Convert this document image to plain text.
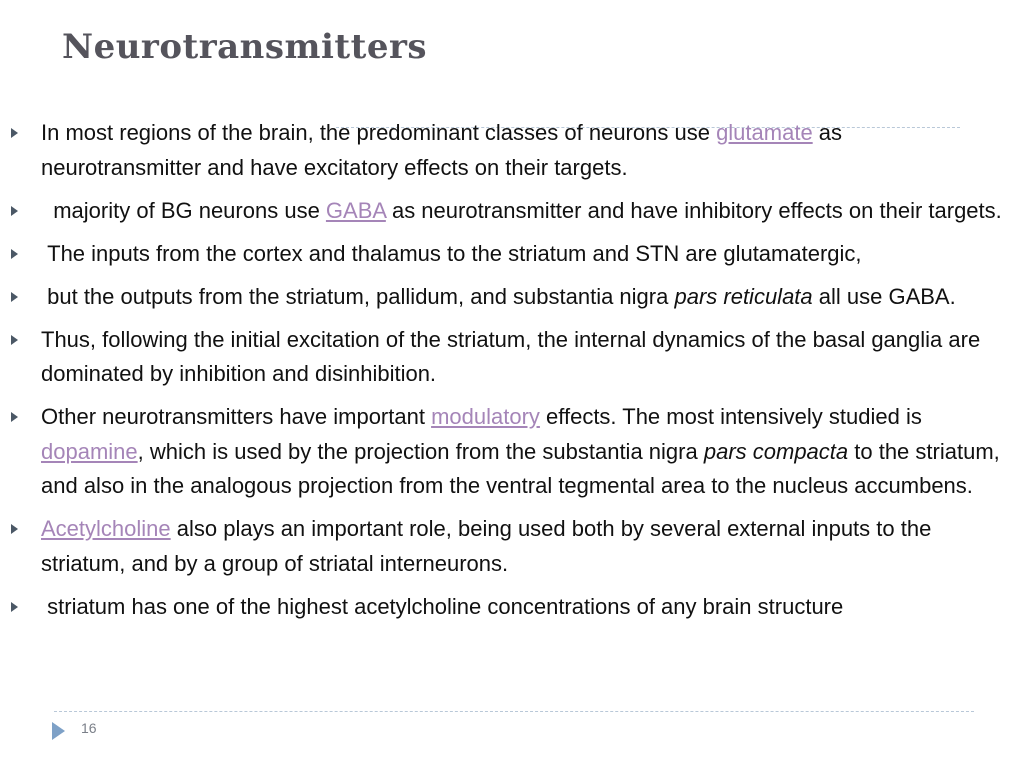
Neurotransmitters
In most regions of the brain, the predominant classes of neurons use glutamate as neurotransmitter and have excitatory effects on their targets.
majority of BG neurons use GABA as neurotransmitter and have inhibitory effects on their targets.
The inputs from the cortex and thalamus to the striatum and STN are glutamatergic,
but the outputs from the striatum, pallidum, and substantia nigra pars reticulata all use GABA.
Thus, following the initial excitation of the striatum, the internal dynamics of the basal ganglia are dominated by inhibition and disinhibition.
Other neurotransmitters have important modulatory effects. The most intensively studied is dopamine, which is used by the projection from the substantia nigra pars compacta to the striatum, and also in the analogous projection from the ventral tegmental area to the nucleus accumbens.
Acetylcholine also plays an important role, being used both by several external inputs to the striatum, and by a group of striatal interneurons.
striatum has one of the highest acetylcholine concentrations of any brain structure
16
